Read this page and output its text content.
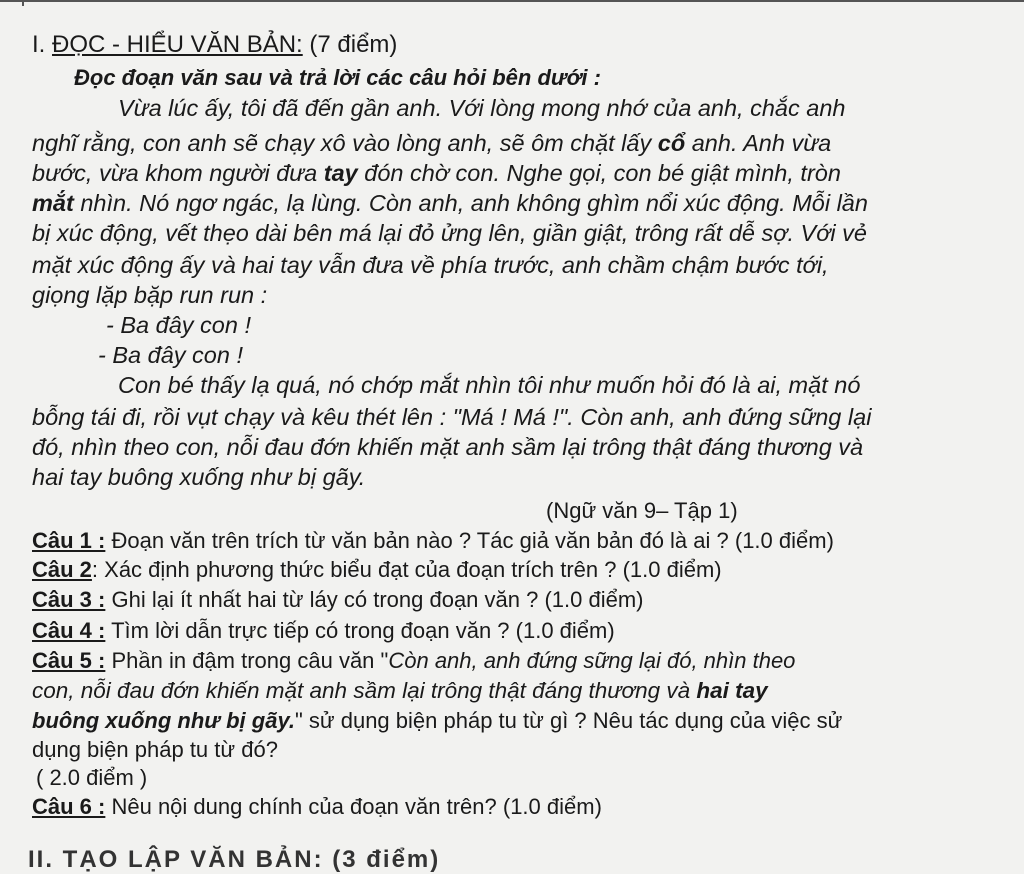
I. ĐỌC - HIỂU VĂN BẢN: (7 điểm)
Đọc đoạn văn sau và trả lời các câu hỏi bên dưới :
Vừa lúc ấy, tôi đã đến gần anh. Với lòng mong nhớ của anh, chắc anh
nghĩ rằng, con anh sẽ chạy xô vào lòng anh, sẽ ôm chặt lấy cổ anh. Anh vừa
bước, vừa khom người đưa tay đón chờ con. Nghe gọi, con bé giật mình, tròn
mắt nhìn. Nó ngơ ngác, lạ lùng. Còn anh, anh không ghìm nổi xúc động. Mỗi lần
bị xúc động, vết thẹo dài bên má lại đỏ ửng lên, giần giật, trông rất dễ sợ. Với vẻ
mặt xúc động ấy và hai tay vẫn đưa về phía trước, anh chầm chậm bước tới,
giọng lặp bặp run run :
- Ba đây con !
- Ba đây con !
Con bé thấy lạ quá, nó chớp mắt nhìn tôi như muốn hỏi đó là ai, mặt nó
bỗng tái đi, rồi vụt chạy và kêu thét lên : "Má ! Má !". Còn anh, anh đứng sững lại
đó, nhìn theo con, nỗi đau đớn khiến mặt anh sầm lại trông thật đáng thương và
hai tay buông xuống như bị gãy.
(Ngữ văn 9– Tập 1)
Câu 1 : Đoạn văn trên trích từ văn bản nào ? Tác giả văn bản đó là ai ? (1.0 điểm)
Câu 2: Xác định phương thức biểu đạt của đoạn trích trên ? (1.0 điểm)
Câu 3 : Ghi lại ít nhất hai từ láy có trong đoạn văn ? (1.0 điểm)
Câu 4 : Tìm lời dẫn trực tiếp có trong đoạn văn ? (1.0 điểm)
Câu 5 : Phần in đậm trong câu văn "Còn anh, anh đứng sững lại đó, nhìn theo
con, nỗi đau đớn khiến mặt anh sầm lại trông thật đáng thương và hai tay
buông xuống như bị gãy." sử dụng biện pháp tu từ gì ? Nêu tác dụng của việc sử
dụng biện pháp tu từ đó?
( 2.0 điểm )
Câu 6 : Nêu nội dung chính của đoạn văn trên? (1.0 điểm)
II. TẠO LẬP VĂN BẢN: (3 điểm)
